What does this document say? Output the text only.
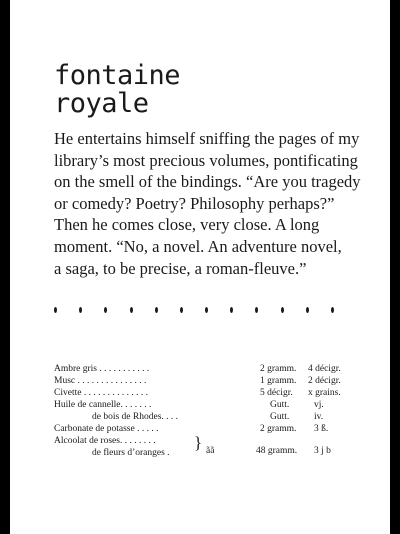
fontaine
royale

He entertains himself sniffing the pages of my
library’s most precious volumes, pontificating
on the smell of the bindings. “Are you tragedy
or comedy? Poetry? Philosophy perhaps?”
Then he comes close, very close. A long
moment. “No, a novel. An adventure novel,
a saga, to be precise, a roman-fleuve.”

Ambre gris . . . . . . . . . . .	2 gramm. 4 décigr.
Musc . . . . . . . . . . . . . . .	1 gramm. 2 décigr.
Civette . . . . . . . . . . . . . .	5 décigr. x grains.
Huile de cannelle. . . . . . .	Gutt.	vj.
de bois de Rhodes. . . .	Gutt.	iv.
Carbonate de potasse . . . . .	2 gramm. 3 ß.
Alcoolat de roses. . . . . . . .
de fleurs d’oranges .
} ãã	48 gramm. 3 j b
